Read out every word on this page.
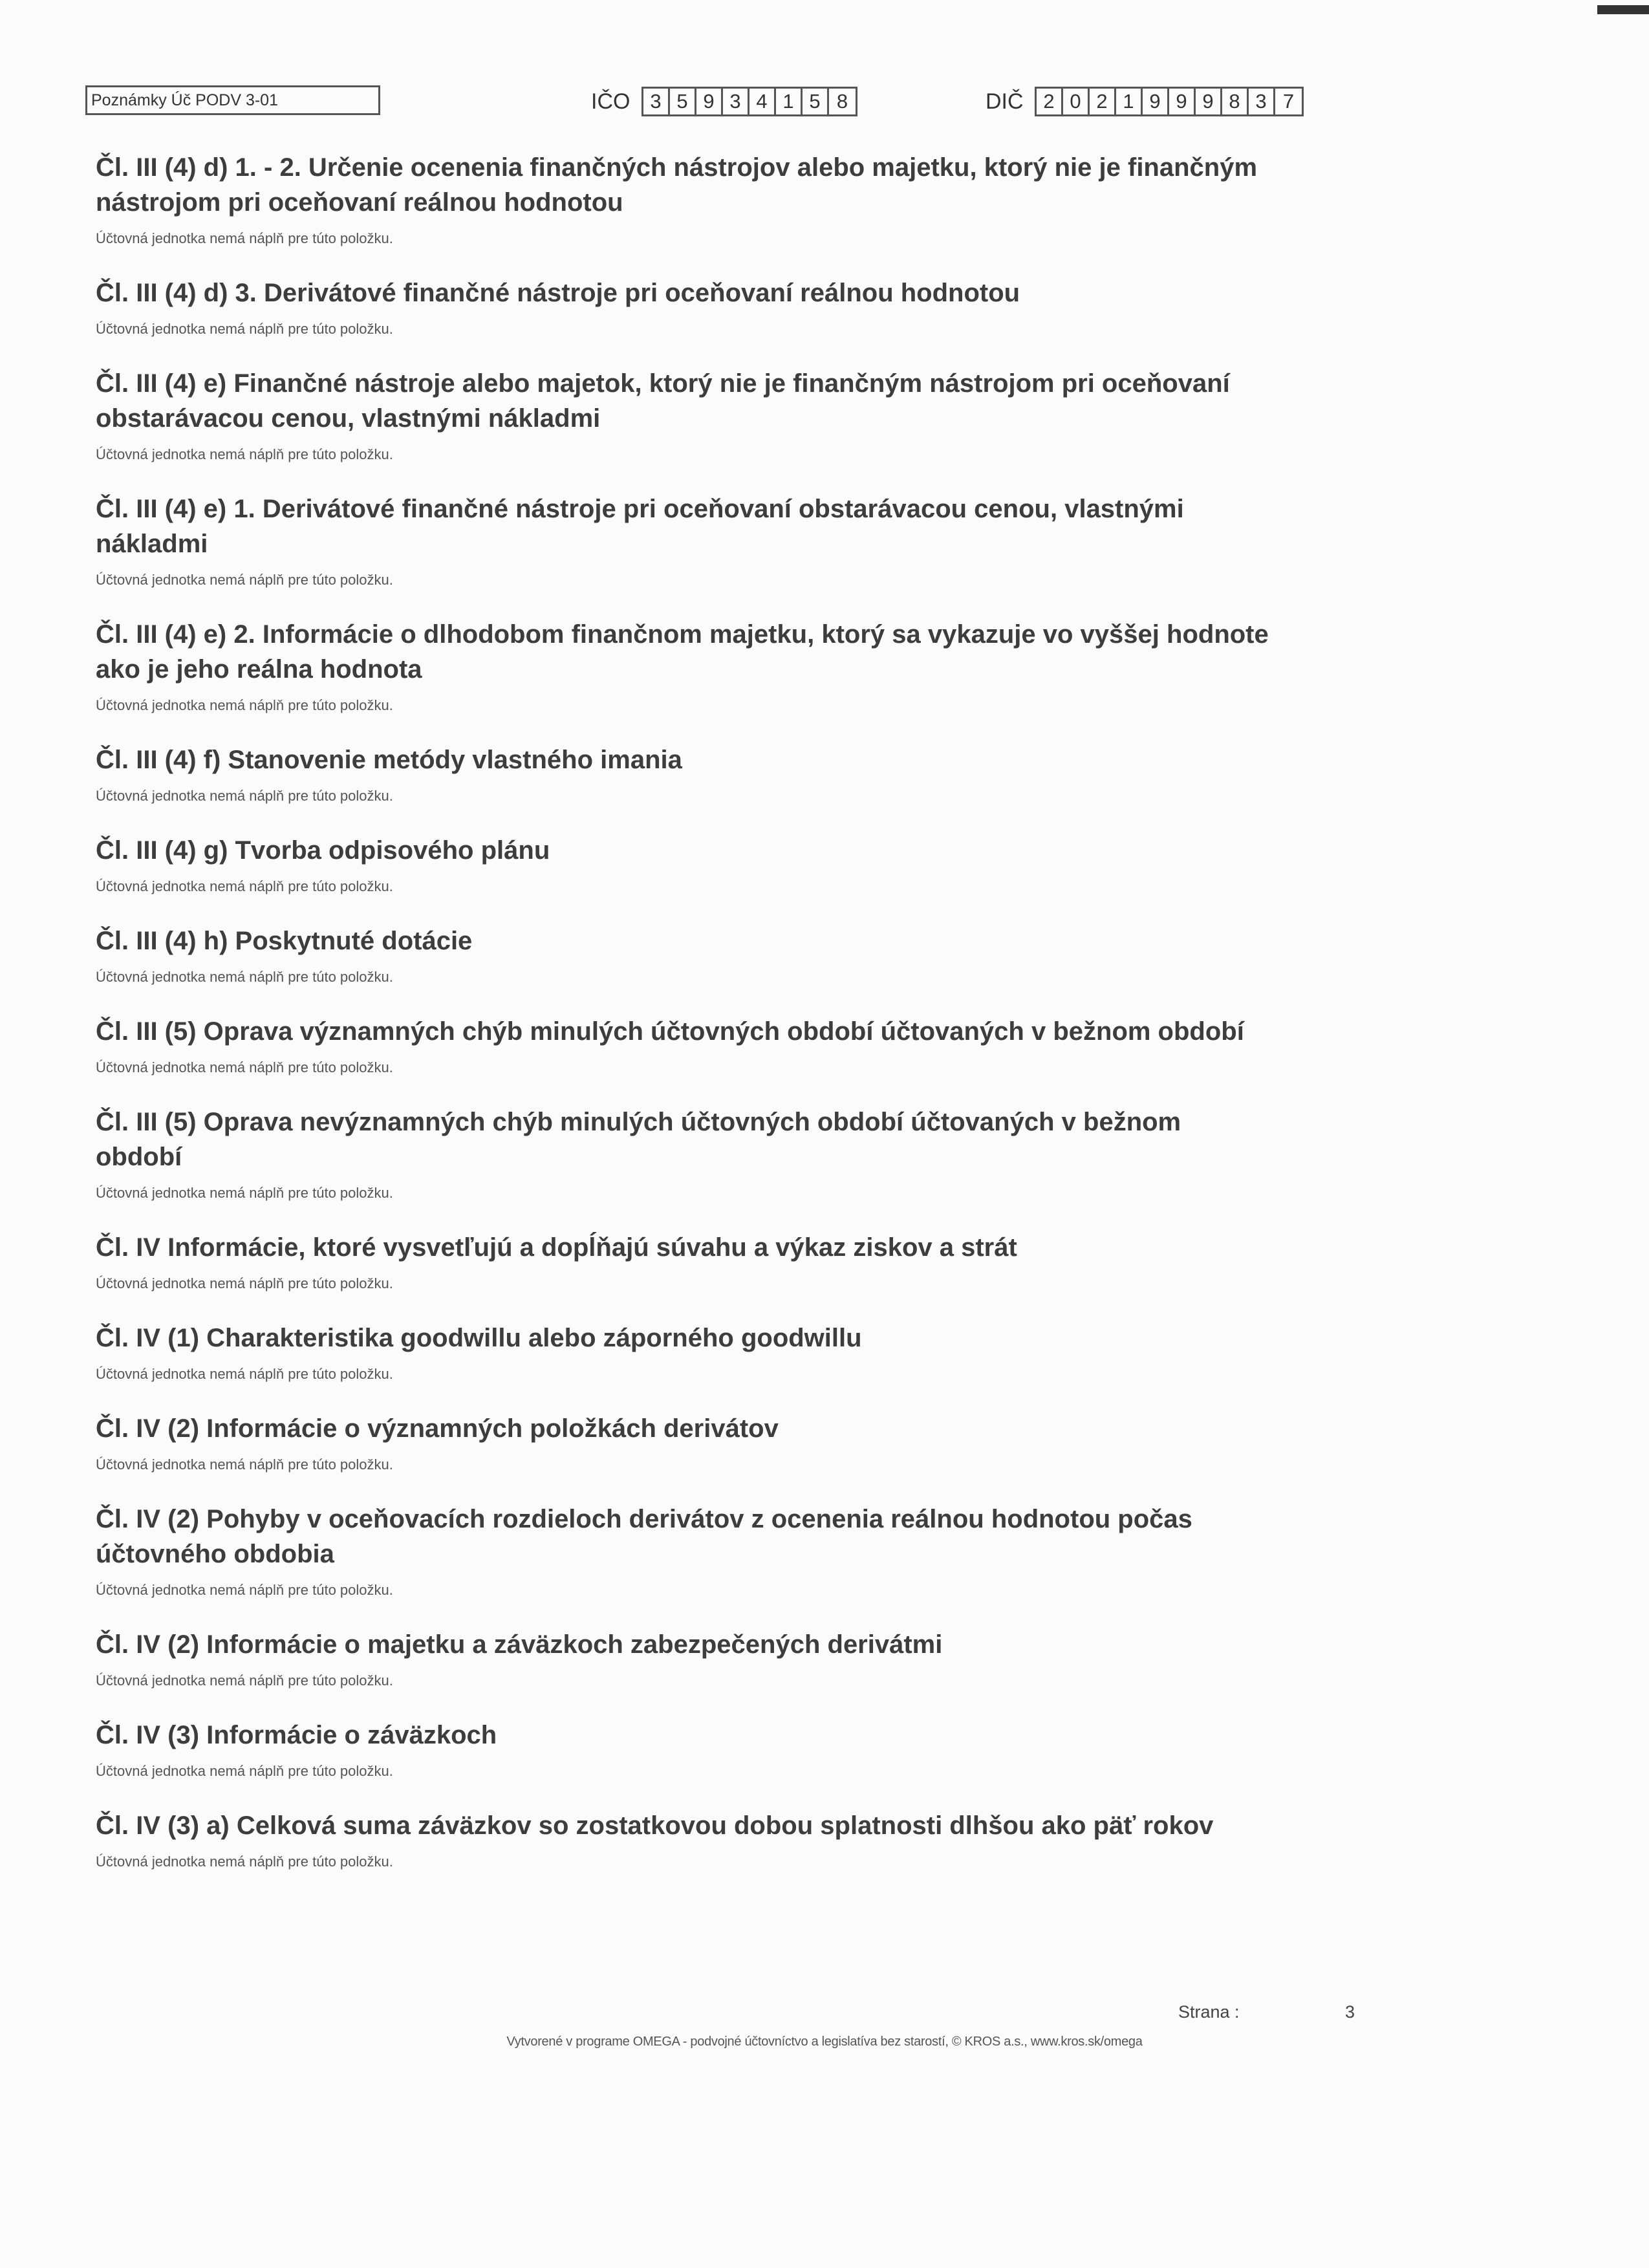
Poznámky Úč PODV 3-01	IČO 3 5 9 3 4 1 5 8	DIČ 2 0 2 1 9 9 9 8 3 7

Čl. III (4) d) 1. - 2. Určenie ocenenia finančných nástrojov alebo majetku, ktorý nie je finančným nástrojom pri oceňovaní reálnou hodnotou

Účtovná jednotka nemá náplň pre túto položku.

Čl. III (4) d) 3. Derivátové finančné nástroje pri oceňovaní reálnou hodnotou

Účtovná jednotka nemá náplň pre túto položku.

Čl. III (4) e) Finančné nástroje alebo majetok, ktorý nie je finančným nástrojom pri oceňovaní obstarávacou cenou, vlastnými nákladmi

Účtovná jednotka nemá náplň pre túto položku.

Čl. III (4) e) 1. Derivátové finančné nástroje pri oceňovaní obstarávacou cenou, vlastnými nákladmi

Účtovná jednotka nemá náplň pre túto položku.

Čl. III (4) e) 2. Informácie o dlhodobom finančnom majetku, ktorý sa vykazuje vo vyššej hodnote ako je jeho reálna hodnota

Účtovná jednotka nemá náplň pre túto položku.

Čl. III (4) f) Stanovenie metódy vlastného imania

Účtovná jednotka nemá náplň pre túto položku.

Čl. III (4) g) Tvorba odpisového plánu

Účtovná jednotka nemá náplň pre túto položku.

Čl. III (4) h) Poskytnuté dotácie

Účtovná jednotka nemá náplň pre túto položku.

Čl. III (5) Oprava významných chýb minulých účtovných období účtovaných v bežnom období

Účtovná jednotka nemá náplň pre túto položku.

Čl. III (5) Oprava nevýznamných chýb minulých účtovných období účtovaných v bežnom období

Účtovná jednotka nemá náplň pre túto položku.

Čl. IV Informácie, ktoré vysvetľujú a dopĺňajú súvahu a výkaz ziskov a strát

Účtovná jednotka nemá náplň pre túto položku.

Čl. IV (1) Charakteristika goodwillu alebo záporného goodwillu

Účtovná jednotka nemá náplň pre túto položku.

Čl. IV (2) Informácie o významných položkách derivátov

Účtovná jednotka nemá náplň pre túto položku.

Čl. IV (2) Pohyby v oceňovacích rozdieloch derivátov z ocenenia reálnou hodnotou počas účtovného obdobia

Účtovná jednotka nemá náplň pre túto položku.

Čl. IV (2) Informácie o majetku a záväzkoch zabezpečených derivátmi

Účtovná jednotka nemá náplň pre túto položku.

Čl. IV (3) Informácie o záväzkoch

Účtovná jednotka nemá náplň pre túto položku.

Čl. IV (3) a) Celková suma záväzkov so zostatkovou dobou splatnosti dlhšou ako päť rokov

Účtovná jednotka nemá náplň pre túto položku.

Strana :	3
Vytvorené v programe OMEGA - podvojné účtovníctvo a legislatíva bez starostí, © KROS a.s., www.kros.sk/omega
